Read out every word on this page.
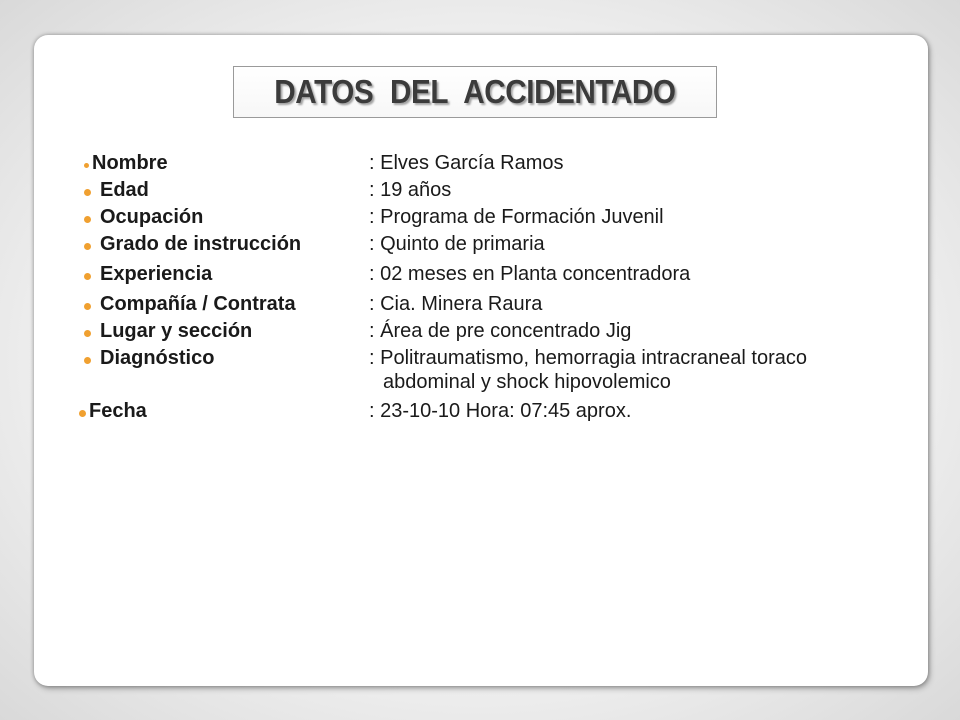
DATOS DEL ACCIDENTADO
Nombre	: Elves García Ramos
Edad	: 19 años
Ocupación	: Programa de Formación Juvenil
Grado de instrucción	: Quinto de primaria
Experiencia	: 02 meses en Planta concentradora
Compañía / Contrata	: Cia. Minera Raura
Lugar y sección	: Área de pre concentrado Jig
Diagnóstico	: Politraumatismo, hemorragia intracraneal toraco
abdominal y shock hipovolemico
Fecha	: 23-10-10 Hora: 07:45 aprox.
